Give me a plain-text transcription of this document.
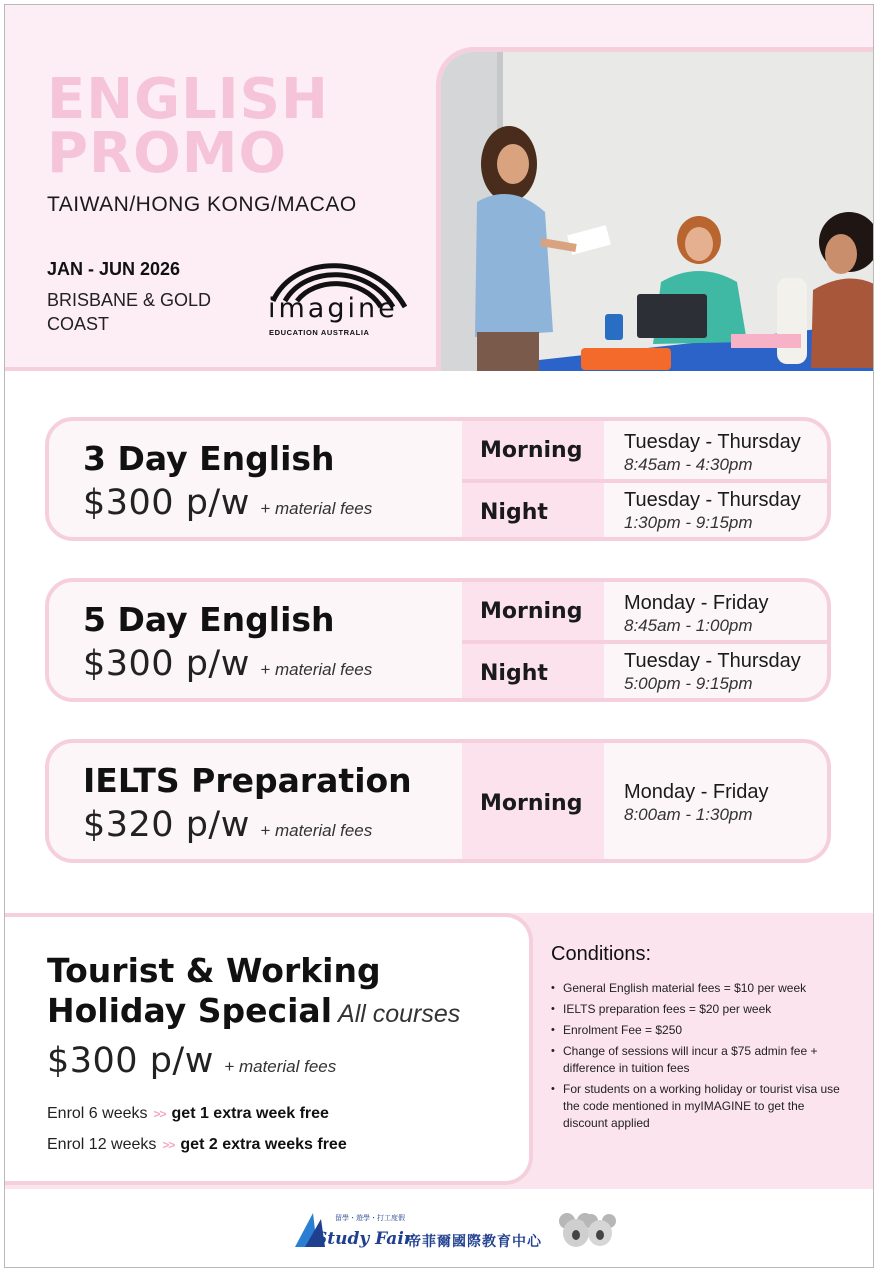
ENGLISH
PROMO
TAIWAN/HONG KONG/MACAO
JAN - JUN 2026
BRISBANE & GOLD COAST	imagine
EDUCATION AUSTRALIA
3 Day English
$300 p/w + material fees
Morning	Tuesday - Thursday
8:45am - 4:30pm
Night	Tuesday - Thursday
1:30pm - 9:15pm
5 Day English
$300 p/w + material fees
Morning	Monday - Friday
8:45am - 1:00pm
Night	Tuesday - Thursday
5:00pm - 9:15pm
IELTS Preparation
$320 p/w + material fees
Morning	Monday - Friday
8:00am - 1:30pm
Tourist & Working
Holiday Special All courses
$300 p/w + material fees
Enrol 6 weeks >> get 1 extra week free
Enrol 12 weeks >> get 2 extra weeks free
Conditions:
• General English material fees = $10 per week
• IELTS preparation fees = $20 per week
• Enrolment Fee = $250
• Change of sessions will incur a $75 admin fee + difference in tuition fees
• For students on a working holiday or tourist visa use the code mentioned in myIMAGINE to get the discount applied
留學・遊學・打工度假
Study Fair
帝菲爾國際教育中心
